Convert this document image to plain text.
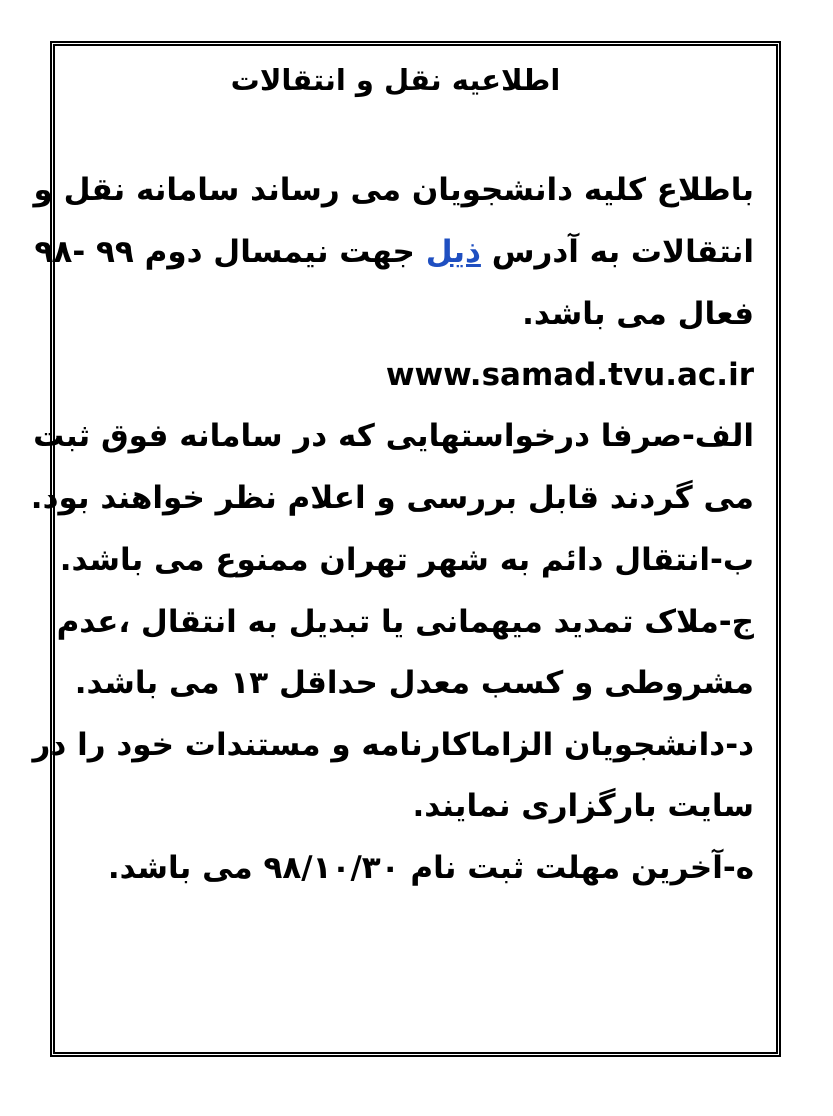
اطلاعیه نقل و انتقالات
باطلاع کلیه دانشجویان می رساند سامانه نقل و
انتقالات به آدرس ذیل جهت نیمسال دوم ۹۹ -۹۸
فعال می باشد.
www.samad.tvu.ac.ir
الف-صرفا درخواستهایی که در سامانه فوق ثبت
می گردند قابل بررسی و اعلام نظر خواهند بود.
ب-انتقال دائم به شهر تهران ممنوع می باشد.
ج-ملاک تمدید میهمانی یا تبدیل به انتقال ،عدم
مشروطی و کسب معدل حداقل ۱۳ می باشد.
د-دانشجویان الزاماکارنامه و مستندات خود را در
سایت بارگزاری نمایند.
ه-آخرین مهلت ثبت نام ۹۸/۱۰/۳۰ می باشد.
